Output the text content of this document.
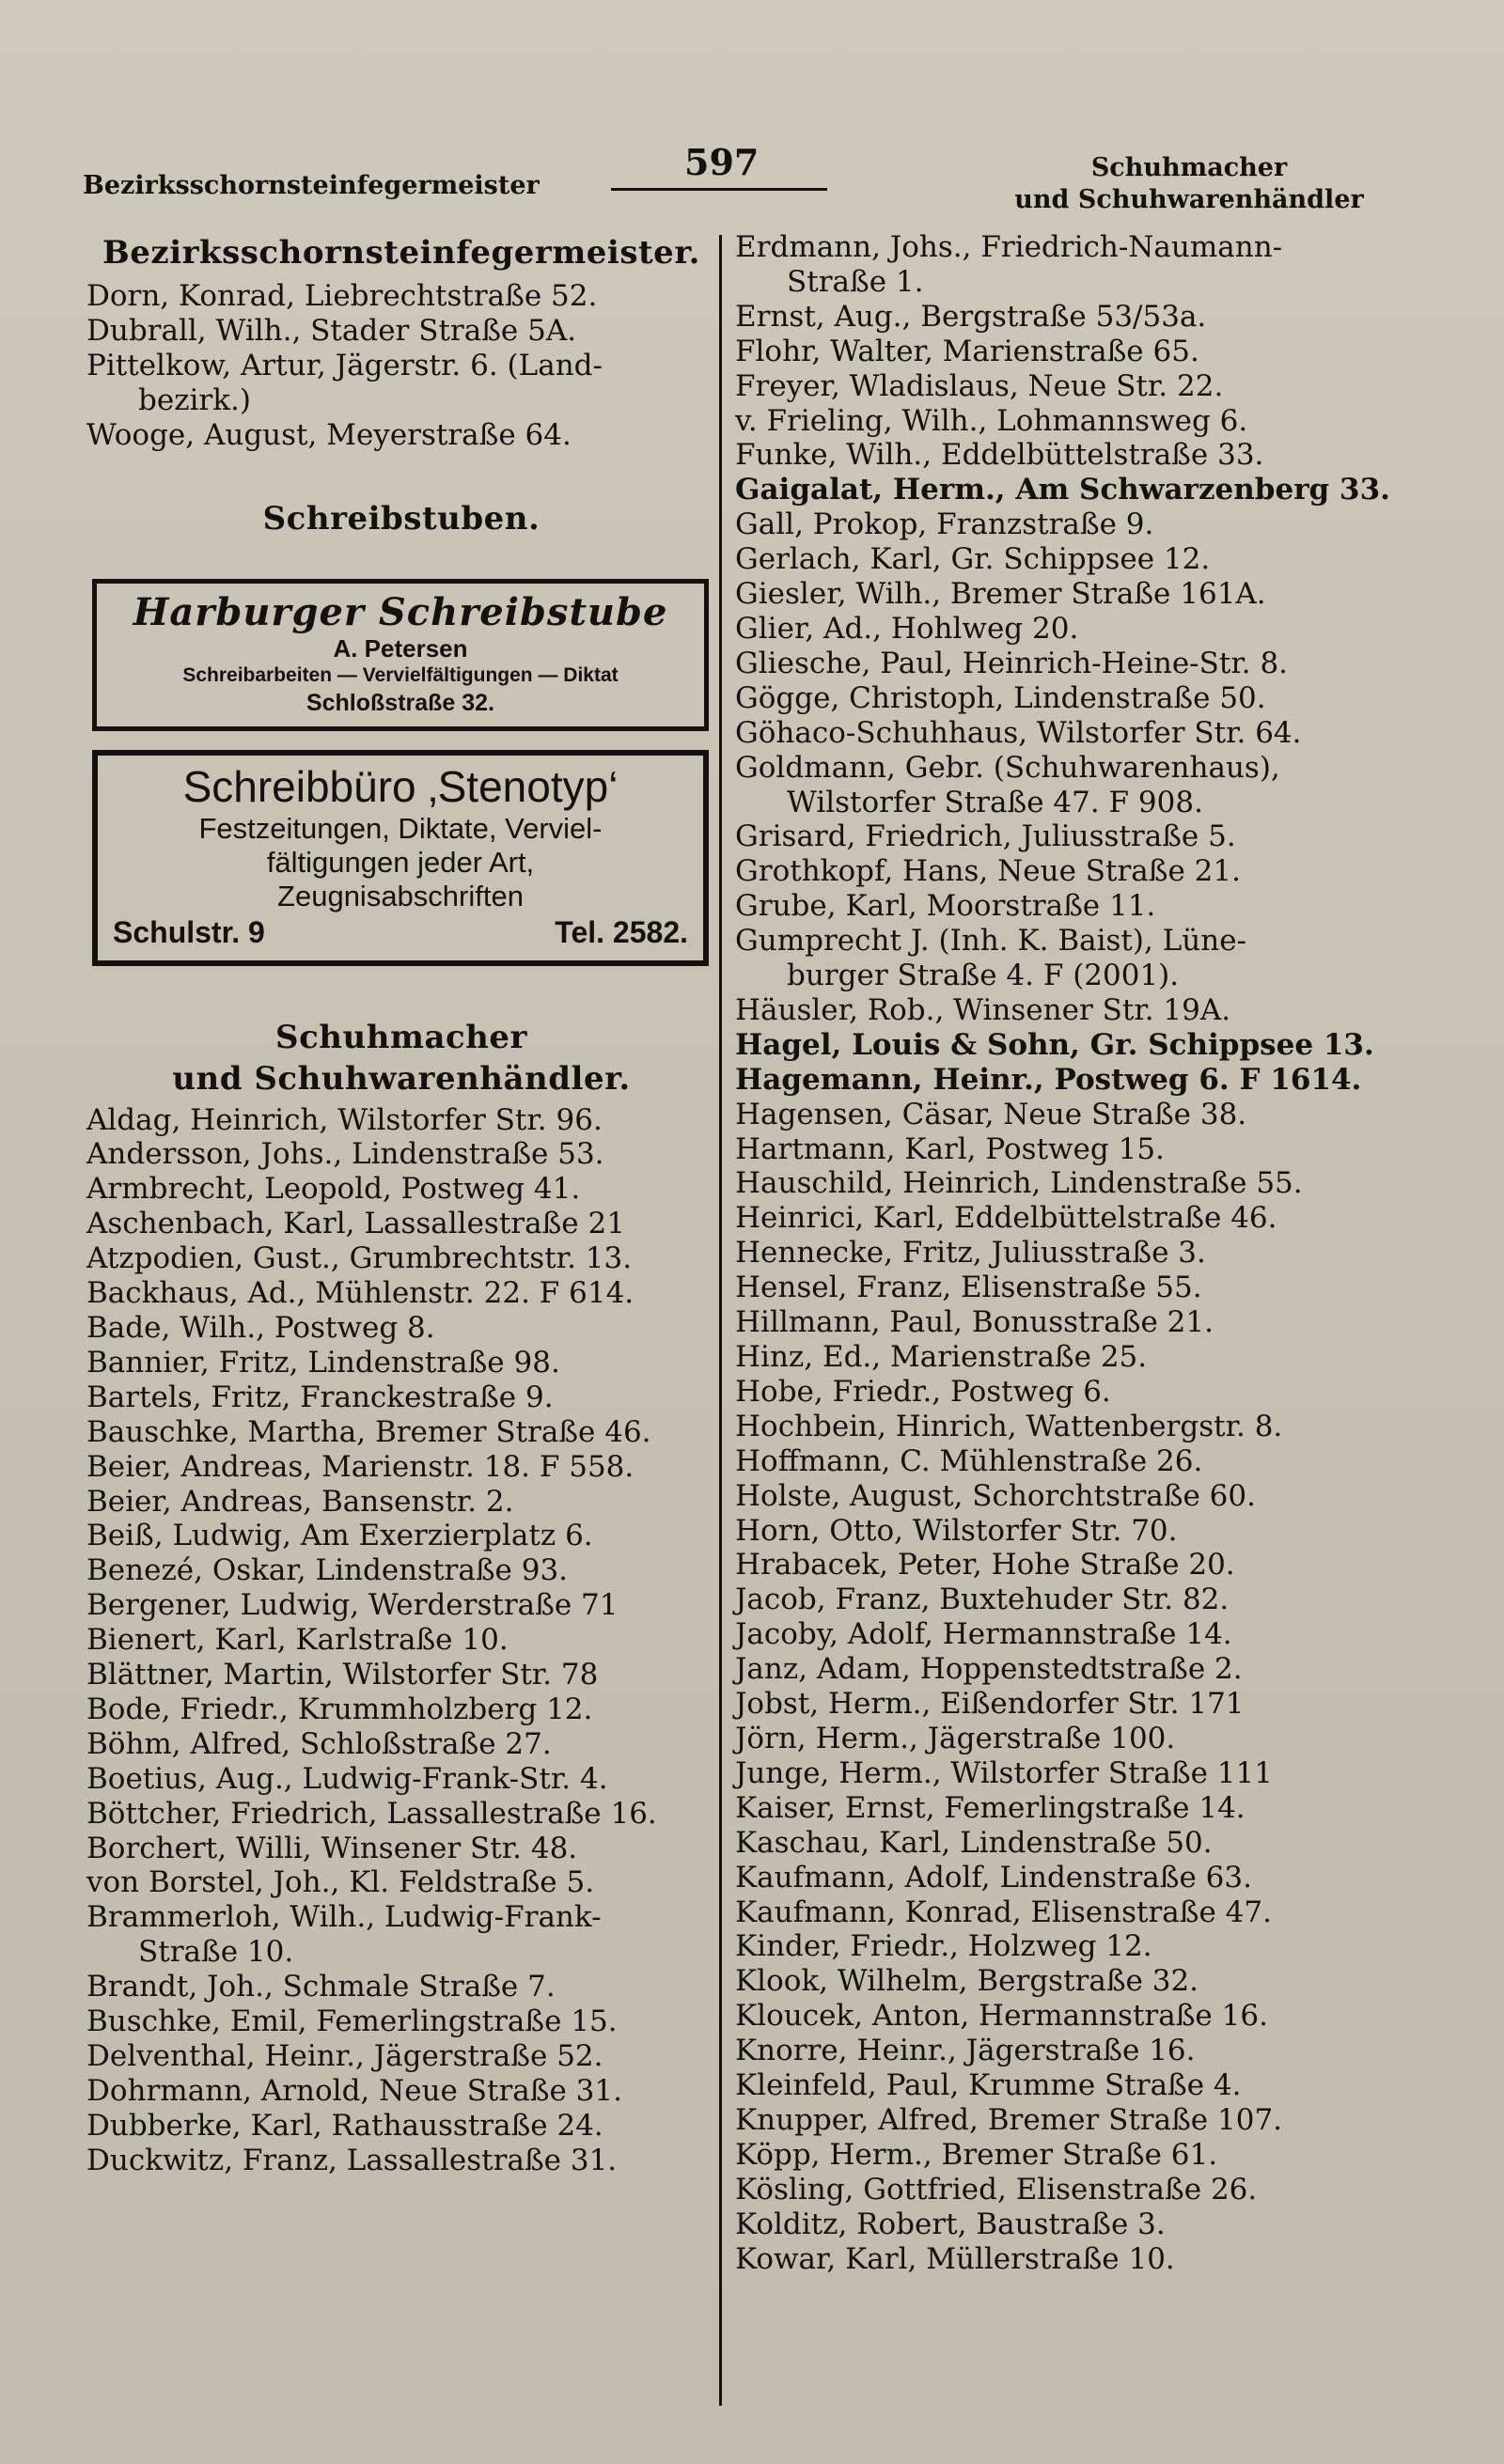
Bezirksschornsteinfegermeister
597	Schuhmacher
und Schuhwarenhändler
Bezirksschornsteinfegermeister.
Dorn, Konrad, Liebrechtstraße 52.
Dubrall, Wilh., Stader Straße 5A.
Pittelkow, Artur, Jägerstr. 6. (Land-
bezirk.)
Wooge, August, Meyerstraße 64.
Schreibstuben.
Harburger Schreibstube
A. Petersen
Schreibarbeiten — Vervielfältigungen — Diktat
Schloßstraße 32.
Schreibbüro ‚Stenotyp‘
Festzeitungen, Diktate, Verviel-
fältigungen jeder Art,
Zeugnisabschriften
Schulstr. 9	Tel. 2582.
Schuhmacher
und Schuhwarenhändler.
Aldag, Heinrich, Wilstorfer Str. 96.
Andersson, Johs., Lindenstraße 53.
Armbrecht, Leopold, Postweg 41.
Aschenbach, Karl, Lassallestraße 21
Atzpodien, Gust., Grumbrechtstr. 13.
Backhaus, Ad., Mühlenstr. 22. F 614.
Bade, Wilh., Postweg 8.
Bannier, Fritz, Lindenstraße 98.
Bartels, Fritz, Franckestraße 9.
Bauschke, Martha, Bremer Straße 46.
Beier, Andreas, Marienstr. 18. F 558.
Beier, Andreas, Bansenstr. 2.
Beiß, Ludwig, Am Exerzierplatz 6.
Benezé, Oskar, Lindenstraße 93.
Bergener, Ludwig, Werderstraße 71
Bienert, Karl, Karlstraße 10.
Blättner, Martin, Wilstorfer Str. 78
Bode, Friedr., Krummholzberg 12.
Böhm, Alfred, Schloßstraße 27.
Boetius, Aug., Ludwig-Frank-Str. 4.
Böttcher, Friedrich, Lassallestraße 16.
Borchert, Willi, Winsener Str. 48.
von Borstel, Joh., Kl. Feldstraße 5.
Brammerloh, Wilh., Ludwig-Frank-
Straße 10.
Brandt, Joh., Schmale Straße 7.
Buschke, Emil, Femerlingstraße 15.
Delventhal, Heinr., Jägerstraße 52.
Dohrmann, Arnold, Neue Straße 31.
Dubberke, Karl, Rathausstraße 24.
Duckwitz, Franz, Lassallestraße 31.
Erdmann, Johs., Friedrich-Naumann-
Straße 1.
Ernst, Aug., Bergstraße 53/53a.
Flohr, Walter, Marienstraße 65.
Freyer, Wladislaus, Neue Str. 22.
v. Frieling, Wilh., Lohmannsweg 6.
Funke, Wilh., Eddelbüttelstraße 33.
Gaigalat, Herm., Am Schwarzenberg 33.
Gall, Prokop, Franzstraße 9.
Gerlach, Karl, Gr. Schippsee 12.
Giesler, Wilh., Bremer Straße 161A.
Glier, Ad., Hohlweg 20.
Gliesche, Paul, Heinrich-Heine-Str. 8.
Gögge, Christoph, Lindenstraße 50.
Göhaco-Schuhhaus, Wilstorfer Str. 64.
Goldmann, Gebr. (Schuhwarenhaus),
Wilstorfer Straße 47. F 908.
Grisard, Friedrich, Juliusstraße 5.
Grothkopf, Hans, Neue Straße 21.
Grube, Karl, Moorstraße 11.
Gumprecht J. (Inh. K. Baist), Lüne-
burger Straße 4. F (2001).
Häusler, Rob., Winsener Str. 19A.
Hagel, Louis & Sohn, Gr. Schippsee 13.
Hagemann, Heinr., Postweg 6. F 1614.
Hagensen, Cäsar, Neue Straße 38.
Hartmann, Karl, Postweg 15.
Hauschild, Heinrich, Lindenstraße 55.
Heinrici, Karl, Eddelbüttelstraße 46.
Hennecke, Fritz, Juliusstraße 3.
Hensel, Franz, Elisenstraße 55.
Hillmann, Paul, Bonusstraße 21.
Hinz, Ed., Marienstraße 25.
Hobe, Friedr., Postweg 6.
Hochbein, Hinrich, Wattenbergstr. 8.
Hoffmann, C. Mühlenstraße 26.
Holste, August, Schorchtstraße 60.
Horn, Otto, Wilstorfer Str. 70.
Hrabacek, Peter, Hohe Straße 20.
Jacob, Franz, Buxtehuder Str. 82.
Jacoby, Adolf, Hermannstraße 14.
Janz, Adam, Hoppenstedtstraße 2.
Jobst, Herm., Eißendorfer Str. 171
Jörn, Herm., Jägerstraße 100.
Junge, Herm., Wilstorfer Straße 111
Kaiser, Ernst, Femerlingstraße 14.
Kaschau, Karl, Lindenstraße 50.
Kaufmann, Adolf, Lindenstraße 63.
Kaufmann, Konrad, Elisenstraße 47.
Kinder, Friedr., Holzweg 12.
Klook, Wilhelm, Bergstraße 32.
Kloucek, Anton, Hermannstraße 16.
Knorre, Heinr., Jägerstraße 16.
Kleinfeld, Paul, Krumme Straße 4.
Knupper, Alfred, Bremer Straße 107.
Köpp, Herm., Bremer Straße 61.
Kösling, Gottfried, Elisenstraße 26.
Kolditz, Robert, Baustraße 3.
Kowar, Karl, Müllerstraße 10.
